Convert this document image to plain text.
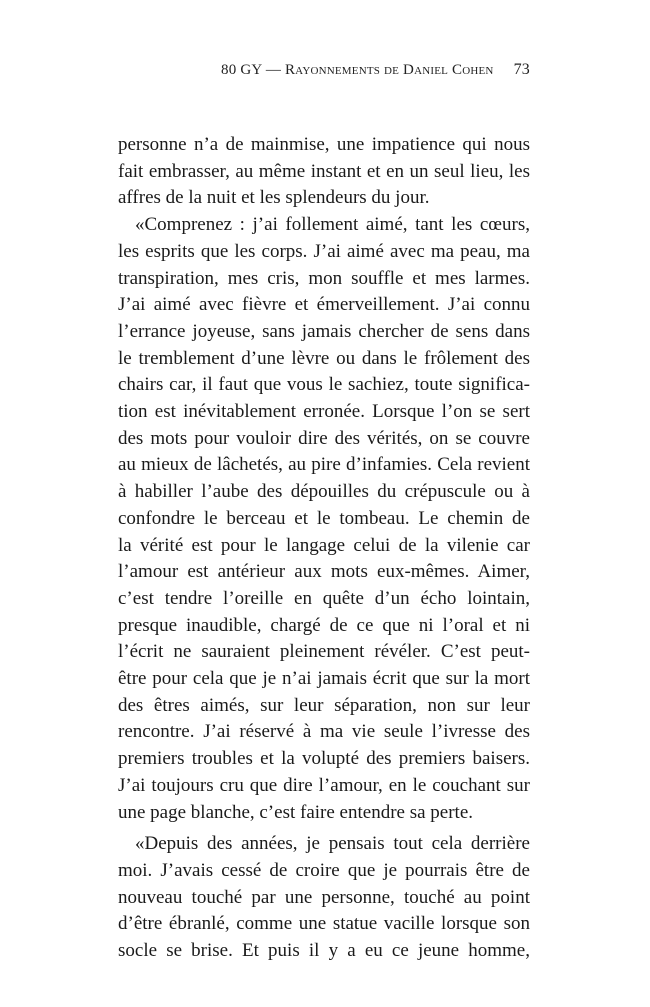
80 GY — Rayonnements de Daniel Cohen 73

personne n’a de mainmise, une impatience qui nous
fait embrasser, au même instant et en un seul lieu, les
affres de la nuit et les splendeurs du jour.

«Comprenez : j’ai follement aimé, tant les cœurs,
les esprits que les corps. J’ai aimé avec ma peau, ma
transpiration, mes cris, mon souffle et mes larmes.
J’ai aimé avec fièvre et émerveillement. J’ai connu
l’errance joyeuse, sans jamais chercher de sens dans
le tremblement d’une lèvre ou dans le frôlement des
chairs car, il faut que vous le sachiez, toute significa-
tion est inévitablement erronée. Lorsque l’on se sert
des mots pour vouloir dire des vérités, on se couvre
au mieux de lâchetés, au pire d’infamies. Cela revient
à habiller l’aube des dépouilles du crépuscule ou à
confondre le berceau et le tombeau. Le chemin de
la vérité est pour le langage celui de la vilenie car
l’amour est antérieur aux mots eux-mêmes. Aimer,
c’est tendre l’oreille en quête d’un écho lointain,
presque inaudible, chargé de ce que ni l’oral et ni
l’écrit ne sauraient pleinement révéler. C’est peut-
être pour cela que je n’ai jamais écrit que sur la mort
des êtres aimés, sur leur séparation, non sur leur
rencontre. J’ai réservé à ma vie seule l’ivresse des
premiers troubles et la volupté des premiers baisers.
J’ai toujours cru que dire l’amour, en le couchant sur
une page blanche, c’est faire entendre sa perte.

«Depuis des années, je pensais tout cela derrière
moi. J’avais cessé de croire que je pourrais être de
nouveau touché par une personne, touché au point
d’être ébranlé, comme une statue vacille lorsque son
socle se brise. Et puis il y a eu ce jeune homme,
